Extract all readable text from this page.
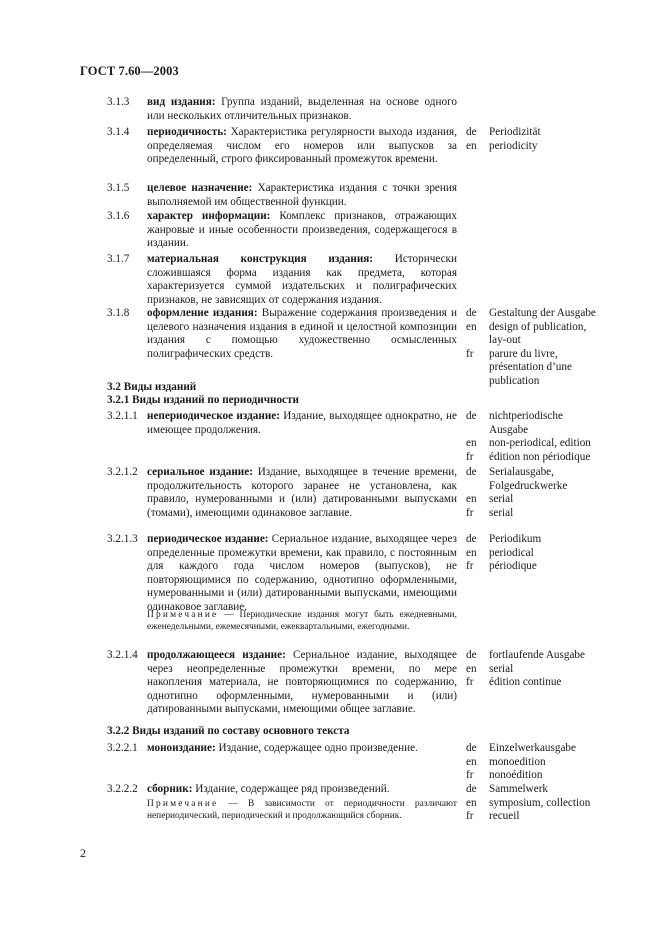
ГОСТ 7.60—2003
3.1.3 вид издания: Группа изданий, выделенная на основе одного или нескольких отличительных признаков.
3.1.4 периодичность: Характеристика регулярности выхода издания, определяемая числом его номеров или выпусков за определенный, строго фиксированный промежуток времени.
de
en
Periodizität
periodicity
3.1.5 целевое назначение: Характеристика издания с точки зрения выполняемой им общественной функции.
3.1.6 характер информации: Комплекс признаков, отражающих жанровые и иные особенности произведения, содержащегося в издании.
3.1.7 материальная конструкция издания: Исторически сложившаяся форма издания как предмета, которая характеризуется суммой издательских и полиграфических признаков, не зависящих от содержания издания.
3.1.8 оформление издания: Выражение содержания произведения и целевого назначения издания в единой и целостной композиции издания с помощью художественно осмысленных полиграфических средств.
de
en
fr
Gestaltung der Ausgabe
design of publication,
lay-out
parure du livre,
présentation d’une
publication
3.2 Виды изданий
3.2.1 Виды изданий по периодичности
3.2.1.1 непериодическое издание: Издание, выходящее однократно, не имеющее продолжения.
de
en
fr
nichtperiodische
Ausgabe
non-periodical, edition
édition non périodique
3.2.1.2 сериальное издание: Издание, выходящее в течение времени, продолжительность которого заранее не установлена, как правило, нумерованными и (или) датированными выпусками (томами), имеющими одинаковое заглавие.
de
en
fr
Serialausgabe,
Folgedruckwerke
serial
serial
3.2.1.3 периодическое издание: Сериальное издание, выходящее через определенные промежутки времени, как правило, с постоянным для каждого года числом номеров (выпусков), не повторяющимися по содержанию, однотипно оформленными, нумерованными и (или) датированными выпусками, имеющими одинаковое заглавие.
de
en
fr
Periodikum
periodical
périodique
Примечание — Периодические издания могут быть ежедневными, еженедельными, ежемесячными, ежеквартальными, ежегодными.
3.2.1.4 продолжающееся издание: Сериальное издание, выходящее через неопределенные промежутки времени, по мере накопления материала, не повторяющимися по содержанию, однотипно оформленными, нумерованными и (или) датированными выпусками, имеющими общее заглавие.
de
en
fr
fortlaufende Ausgabe
serial
édition continue
3.2.2 Виды изданий по составу основного текста
3.2.2.1 моноиздание: Издание, содержащее одно произведение.	de
en
fr
Einzelwerkausgabe
monoedition
nonoédition
3.2.2.2 сборник: Издание, содержащее ряд произведений.	de
en
fr
Sammelwerk
symposium, collection
recueil
Примечание — В зависимости от периодичности различают непериодический, периодический и продолжающийся сборник.
2
